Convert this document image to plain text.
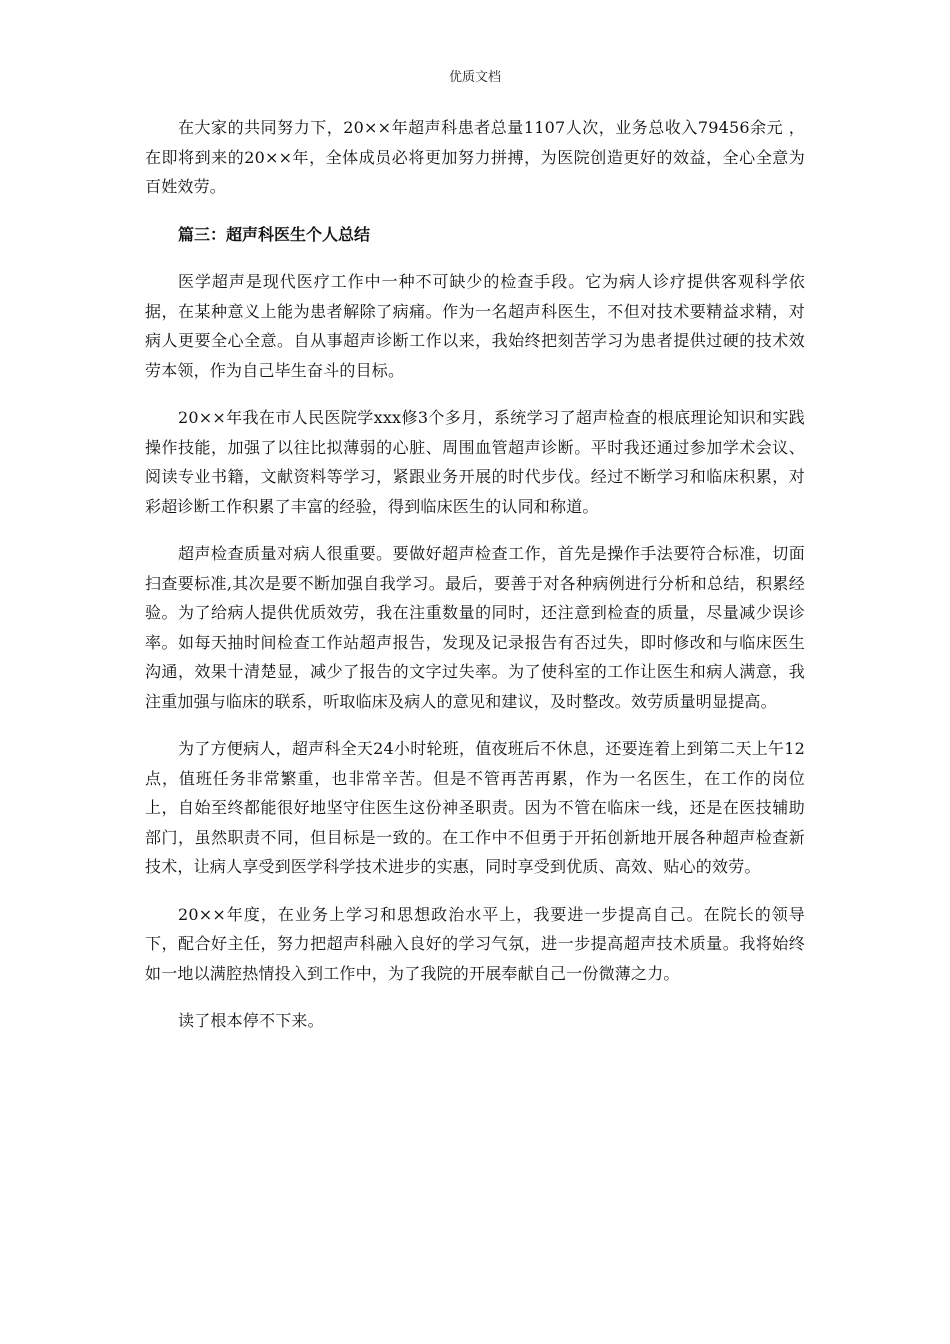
优质文档

在大家的共同努力下，20××年超声科患者总量1107人次，业务总收入79456余元 ，在即将到来的20××年，全体成员必将更加努力拼搏，为医院创造更好的效益，全心全意为百姓效劳。

篇三：超声科医生个人总结

医学超声是现代医疗工作中一种不可缺少的检查手段。它为病人诊疗提供客观科学依据，在某种意义上能为患者解除了病痛。作为一名超声科医生，不但对技术要精益求精，对病人更要全心全意。自从事超声诊断工作以来，我始终把刻苦学习为患者提供过硬的技术效劳本领，作为自己毕生奋斗的目标。

20××年我在市人民医院学xxx修3个多月，系统学习了超声检查的根底理论知识和实践操作技能，加强了以往比拟薄弱的心脏、周围血管超声诊断。平时我还通过参加学术会议、阅读专业书籍，文献资料等学习，紧跟业务开展的时代步伐。经过不断学习和临床积累，对彩超诊断工作积累了丰富的经验，得到临床医生的认同和称道。

超声检查质量对病人很重要。要做好超声检查工作，首先是操作手法要符合标准，切面扫查要标准,其次是要不断加强自我学习。最后，要善于对各种病例进行分析和总结，积累经验。为了给病人提供优质效劳，我在注重数量的同时，还注意到检查的质量，尽量减少误诊率。如每天抽时间检查工作站超声报告，发现及记录报告有否过失，即时修改和与临床医生沟通，效果十清楚显，减少了报告的文字过失率。为了使科室的工作让医生和病人满意，我注重加强与临床的联系，听取临床及病人的意见和建议，及时整改。效劳质量明显提高。

为了方便病人，超声科全天24小时轮班，值夜班后不休息，还要连着上到第二天上午12点，值班任务非常繁重，也非常辛苦。但是不管再苦再累，作为一名医生，在工作的岗位上，自始至终都能很好地坚守住医生这份神圣职责。因为不管在临床一线，还是在医技辅助部门，虽然职责不同，但目标是一致的。在工作中不但勇于开拓创新地开展各种超声检查新技术，让病人享受到医学科学技术进步的实惠，同时享受到优质、高效、贴心的效劳。

20××年度，在业务上学习和思想政治水平上，我要进一步提高自己。在院长的领导下，配合好主任，努力把超声科融入良好的学习气氛，进一步提高超声技术质量。我将始终如一地以满腔热情投入到工作中，为了我院的开展奉献自己一份微薄之力。

读了根本停不下来。
